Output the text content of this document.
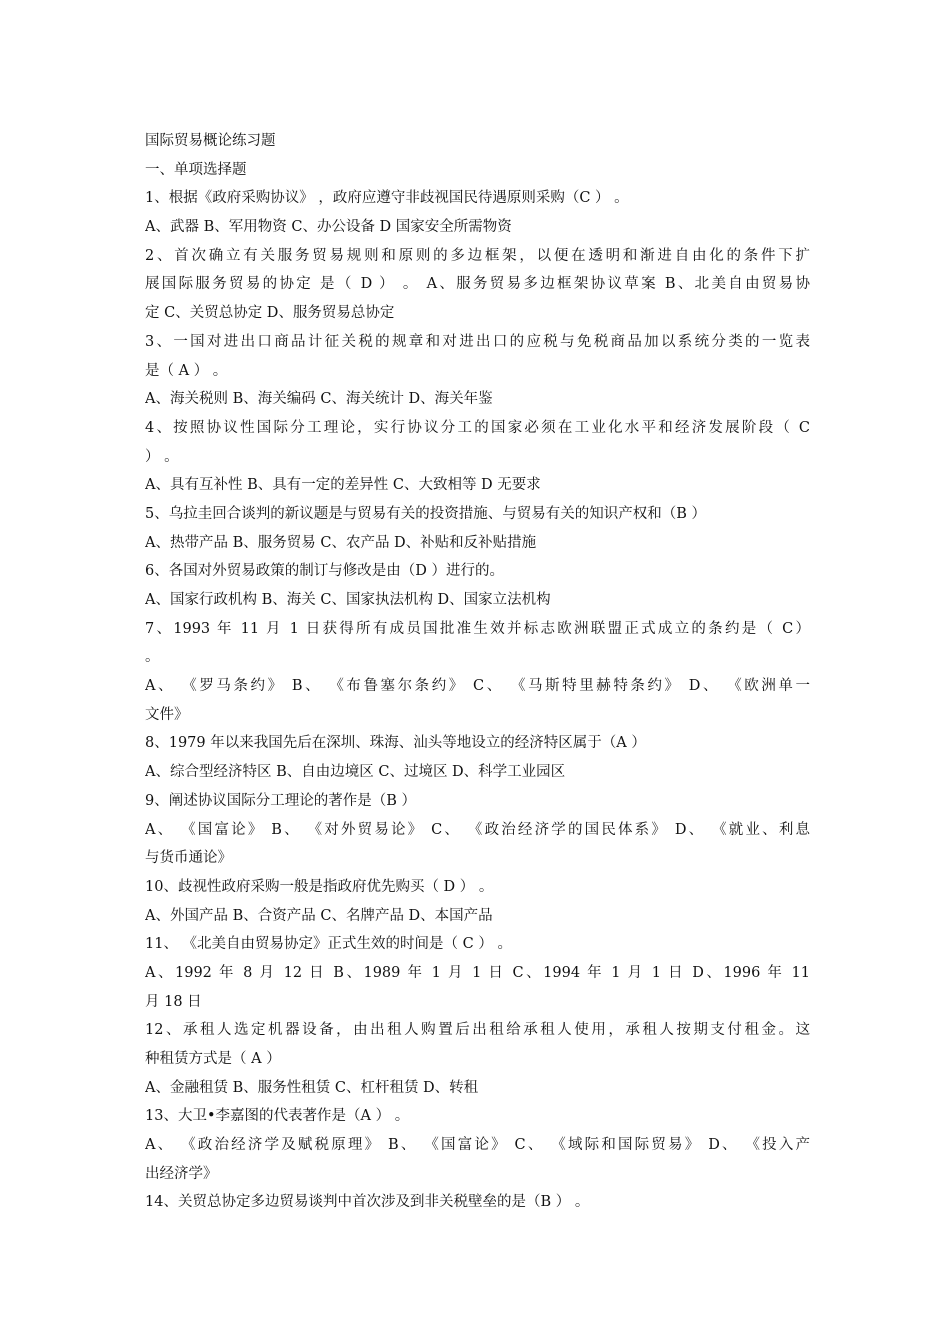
国际贸易概论练习题
一、单项选择题
1、根据《政府采购协议》 ，政府应遵守非歧视国民待遇原则采购（C ） 。
A、武器 B、军用物资 C、办公设备 D 国家安全所需物资
2、首次确立有关服务贸易规则和原则的多边框架，以便在透明和渐进自由化的条件下扩
展国际服务贸易的协定 是（ D ） 。 A、服务贸易多边框架协议草案 B、北美自由贸易协
定 C、关贸总协定 D、服务贸易总协定
3、一国对进出口商品计征关税的规章和对进出口的应税与免税商品加以系统分类的一览表
是（ A ） 。
A、海关税则 B、海关编码 C、海关统计 D、海关年鉴
4、按照协议性国际分工理论，实行协议分工的国家必须在工业化水平和经济发展阶段（ C
） 。
A、具有互补性 B、具有一定的差异性 C、大致相等 D 无要求
5、乌拉圭回合谈判的新议题是与贸易有关的投资措施、与贸易有关的知识产权和（B ）
A、热带产品 B、服务贸易 C、农产品 D、补贴和反补贴措施
6、各国对外贸易政策的制订与修改是由（D ）进行的。
A、国家行政机构 B、海关 C、国家执法机构 D、国家立法机构
7、1993 年 11 月 1 日获得所有成员国批准生效并标志欧洲联盟正式成立的条约是（ C）
。
A、 《罗马条约》 B、 《布鲁塞尔条约》 C、 《马斯特里赫特条约》 D、 《欧洲单一
文件》
8、1979 年以来我国先后在深圳、珠海、汕头等地设立的经济特区属于（A ）
A、综合型经济特区 B、自由边境区 C、过境区 D、科学工业园区
9、阐述协议国际分工理论的著作是（B ）
A、 《国富论》 B、 《对外贸易论》 C、 《政治经济学的国民体系》 D、 《就业、利息
与货币通论》
10、歧视性政府采购一般是指政府优先购买（ D ） 。
A、外国产品 B、合资产品 C、名牌产品 D、本国产品
11、 《北美自由贸易协定》正式生效的时间是（ C ） 。
A、1992 年 8 月 12 日 B、1989 年 1 月 1 日 C、1994 年 1 月 1 日 D、1996 年 11
月 18 日
12、承租人选定机器设备，由出租人购置后出租给承租人使用，承租人按期支付租金。这
种租赁方式是（ A ）
A、金融租赁 B、服务性租赁 C、杠杆租赁 D、转租
13、大卫•李嘉图的代表著作是（A ） 。
A、 《政治经济学及赋税原理》 B、 《国富论》 C、 《域际和国际贸易》 D、 《投入产
出经济学》
14、关贸总协定多边贸易谈判中首次涉及到非关税壁垒的是（B ） 。
